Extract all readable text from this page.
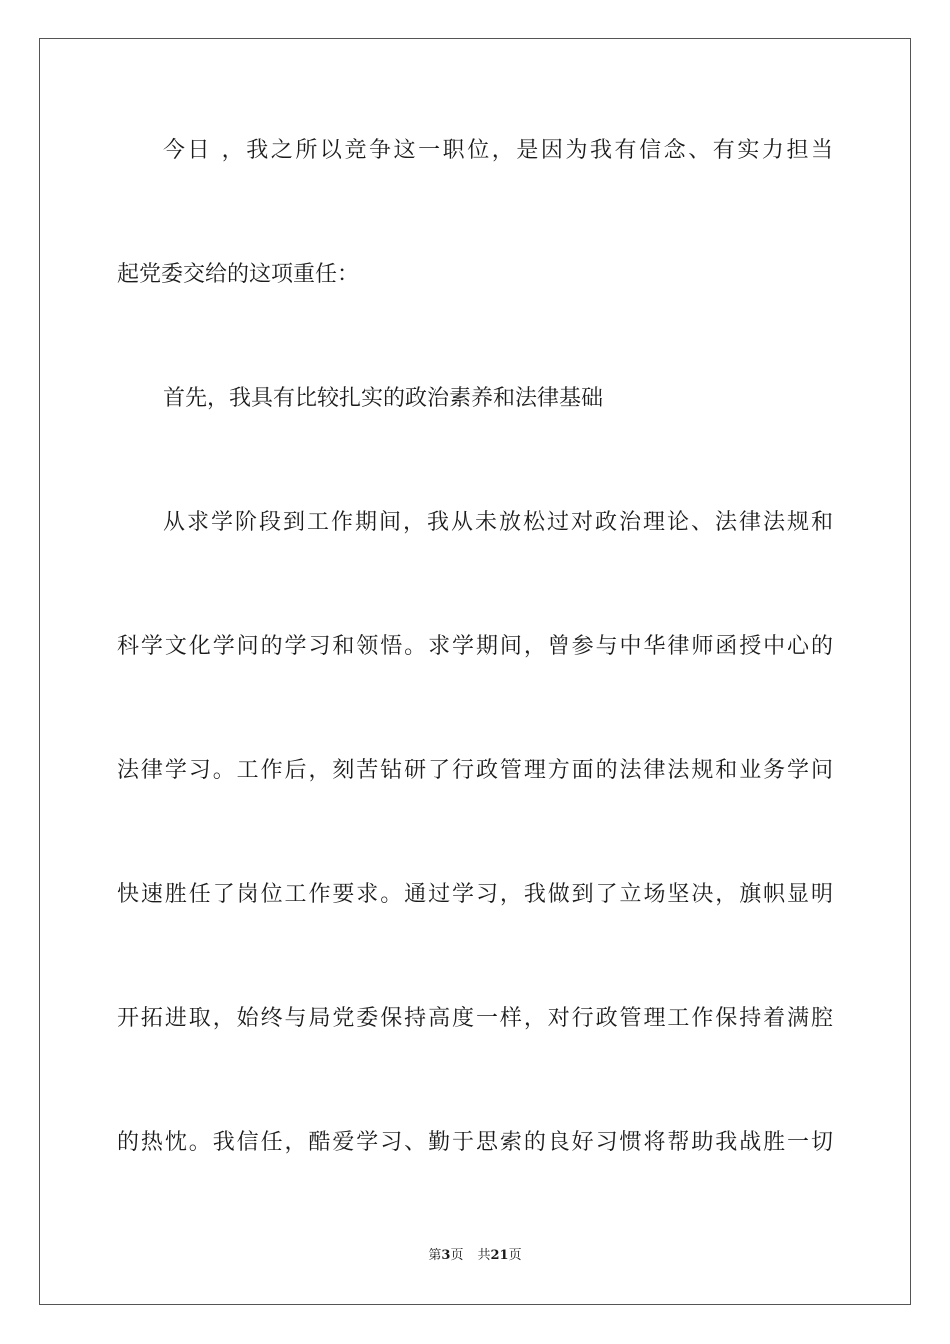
今日 ，我之所以竞争这一职位，是因为我有信念、有实力担当
起党委交给的这项重任：
首先，我具有比较扎实的政治素养和法律基础
从求学阶段到工作期间，我从未放松过对政治理论、法律法规和
科学文化学问的学习和领悟。求学期间，曾参与中华律师函授中心的
法律学习。工作后，刻苦钻研了行政管理方面的法律法规和业务学问
快速胜任了岗位工作要求。通过学习，我做到了立场坚决，旗帜显明
开拓进取，始终与局党委保持高度一样，对行政管理工作保持着满腔
的热忱。我信任，酷爱学习、勤于思索的良好习惯将帮助我战胜一切
第3页 共21页
